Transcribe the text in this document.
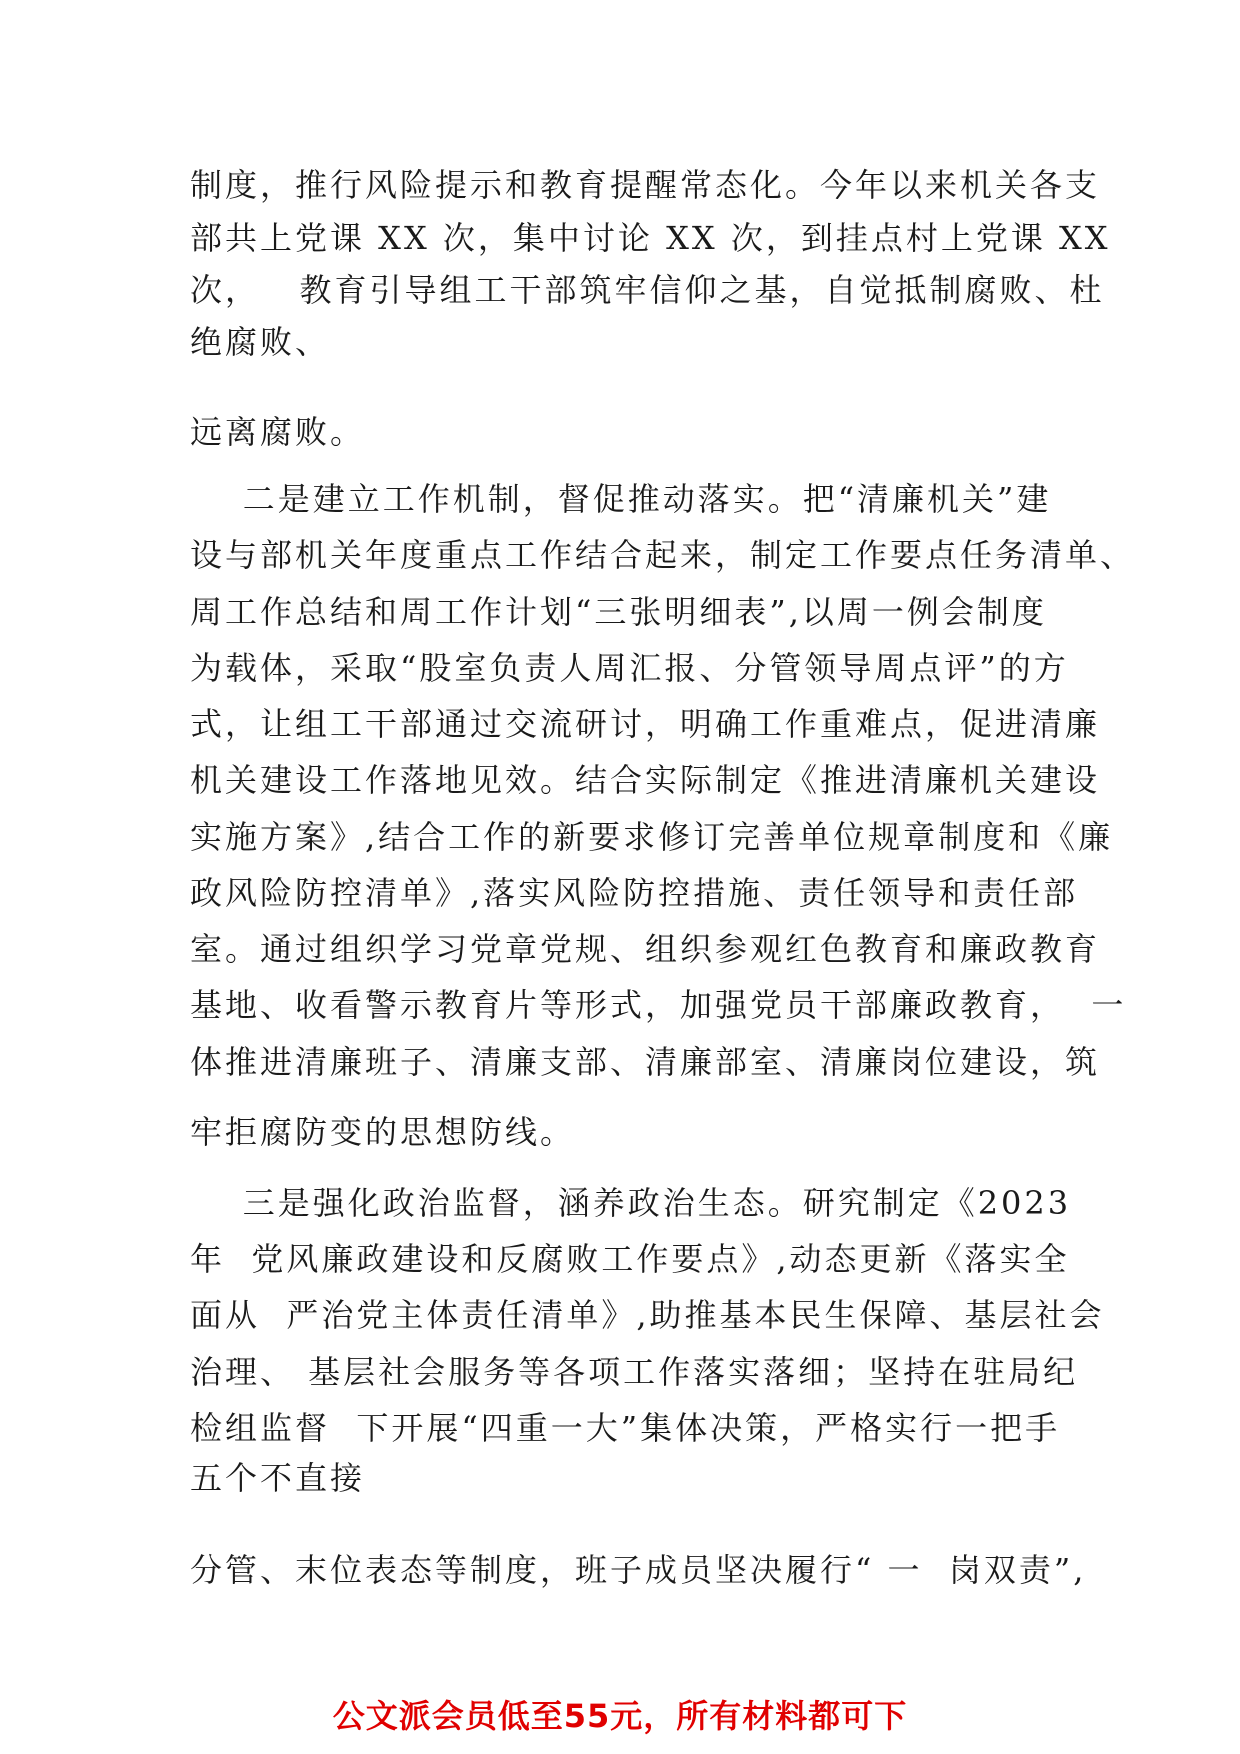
制度，推行风险提示和教育提醒常态化。今年以来机关各支
部共上党课 XX 次，集中讨论 XX 次，到挂点村上党课 XX
次，   教育引导组工干部筑牢信仰之基，自觉抵制腐败、杜
绝腐败、
远离腐败。
二是建立工作机制，督促推动落实。把“清廉机关”建
设与部机关年度重点工作结合起来，制定工作要点任务清单、
周工作总结和周工作计划“三张明细表”,以周一例会制度
为载体，采取“股室负责人周汇报、分管领导周点评”的方
式，让组工干部通过交流研讨，明确工作重难点，促进清廉
机关建设工作落地见效。结合实际制定《推进清廉机关建设
实施方案》,结合工作的新要求修订完善单位规章制度和《廉
政风险防控清单》,落实风险防控措施、责任领导和责任部
室。通过组织学习党章党规、组织参观红色教育和廉政教育
基地、收看警示教育片等形式，加强党员干部廉政教育，  一
体推进清廉班子、清廉支部、清廉部室、清廉岗位建设，筑
牢拒腐防变的思想防线。
三是强化政治监督，涵养政治生态。研究制定《2023
年  党风廉政建设和反腐败工作要点》,动态更新《落实全
面从  严治党主体责任清单》,助推基本民生保障、基层社会
治理、 基层社会服务等各项工作落实落细；坚持在驻局纪
检组监督  下开展“四重一大”集体决策，严格实行一把手
五个不直接
分管、末位表态等制度，班子成员坚决履行“ 一  岗双责”,
公文派会员低至55元，所有材料都可下
